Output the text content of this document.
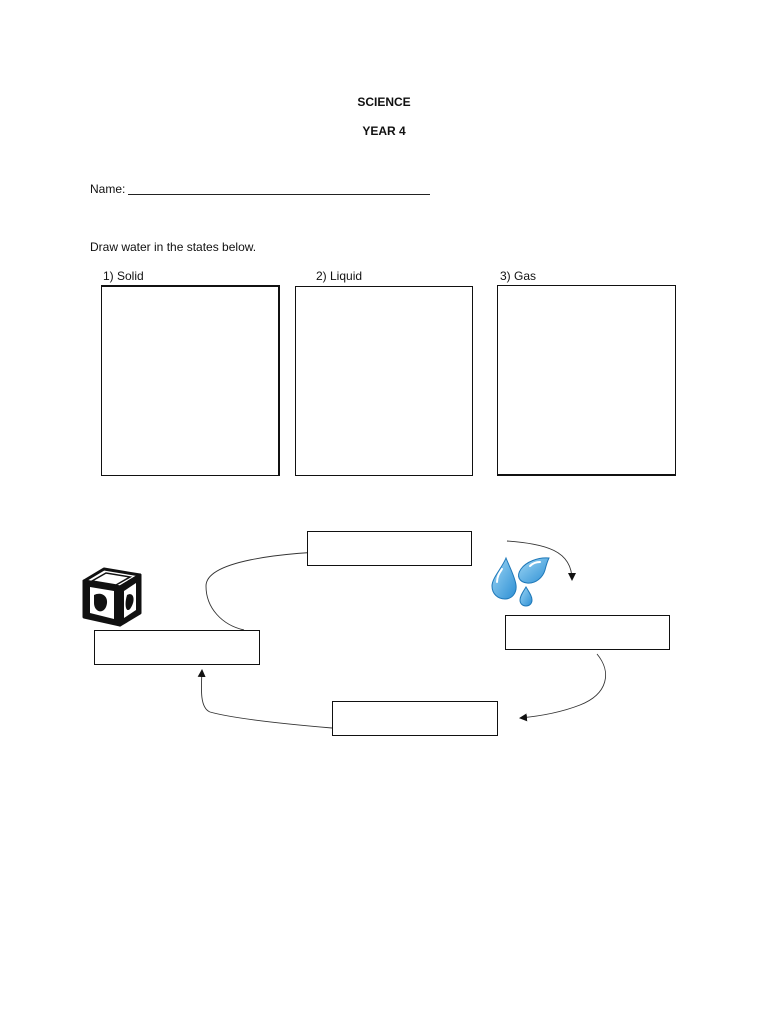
SCIENCE
YEAR 4
Name:
Draw water in the states below.
1) Solid	2) Liquid	3) Gas
